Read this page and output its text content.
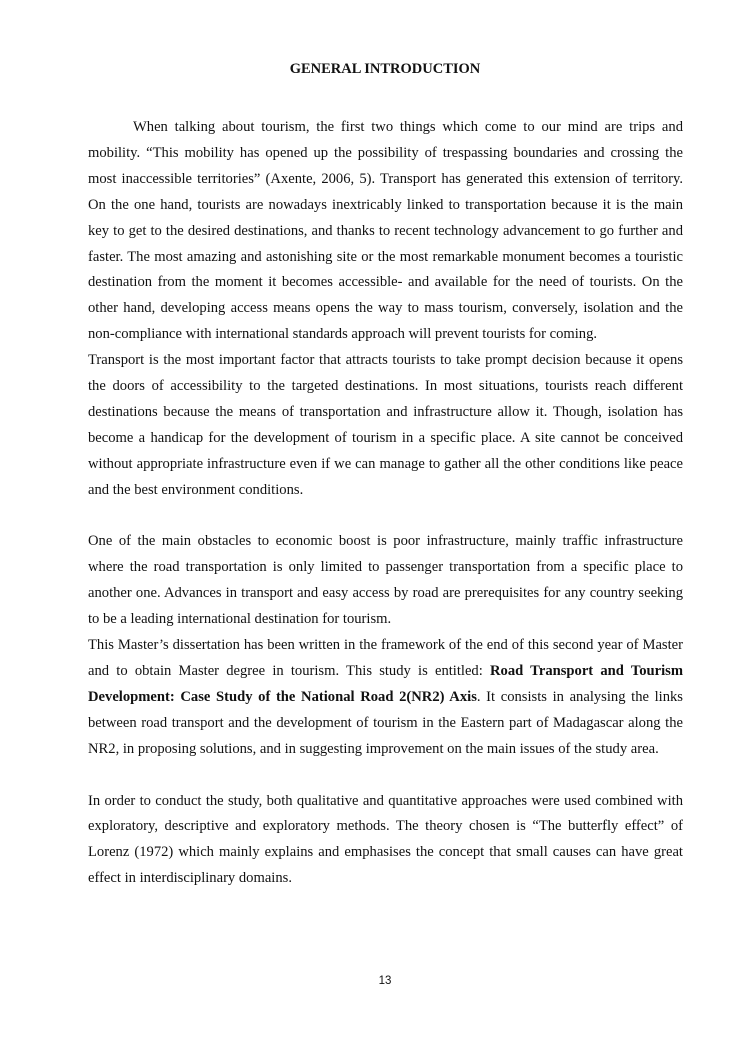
GENERAL INTRODUCTION

When talking about tourism, the first two things which come to our mind are trips and mobility. “This mobility has opened up the possibility of trespassing boundaries and crossing the most inaccessible territories” (Axente, 2006, 5). Transport has generated this extension of territory. On the one hand, tourists are nowadays inextricably linked to transportation because it is the main key to get to the desired destinations, and thanks to recent technology advancement to go further and faster. The most amazing and astonishing site or the most remarkable monument becomes a touristic destination from the moment it becomes accessible- and available for the need of tourists. On the other hand, developing access means opens the way to mass tourism, conversely, isolation and the non-compliance with international standards approach will prevent tourists for coming.

Transport is the most important factor that attracts tourists to take prompt decision because it opens the doors of accessibility to the targeted destinations. In most situations, tourists reach different destinations because the means of transportation and infrastructure allow it. Though, isolation has become a handicap for the development of tourism in a specific place. A site cannot be conceived without appropriate infrastructure even if we can manage to gather all the other conditions like peace and the best environment conditions.

One of the main obstacles to economic boost is poor infrastructure, mainly traffic infrastructure where the road transportation is only limited to passenger transportation from a specific place to another one. Advances in transport and easy access by road are prerequisites for any country seeking to be a leading international destination for tourism.

This Master’s dissertation has been written in the framework of the end of this second year of Master and to obtain Master degree in tourism. This study is entitled: Road Transport and Tourism Development: Case Study of the National Road 2(NR2) Axis. It consists in analysing the links between road transport and the development of tourism in the Eastern part of Madagascar along the NR2, in proposing solutions, and in suggesting improvement on the main issues of the study area.

In order to conduct the study, both qualitative and quantitative approaches were used combined with exploratory, descriptive and exploratory methods. The theory chosen is “The butterfly effect” of Lorenz (1972) which mainly explains and emphasises the concept that small causes can have great effect in interdisciplinary domains.

13
